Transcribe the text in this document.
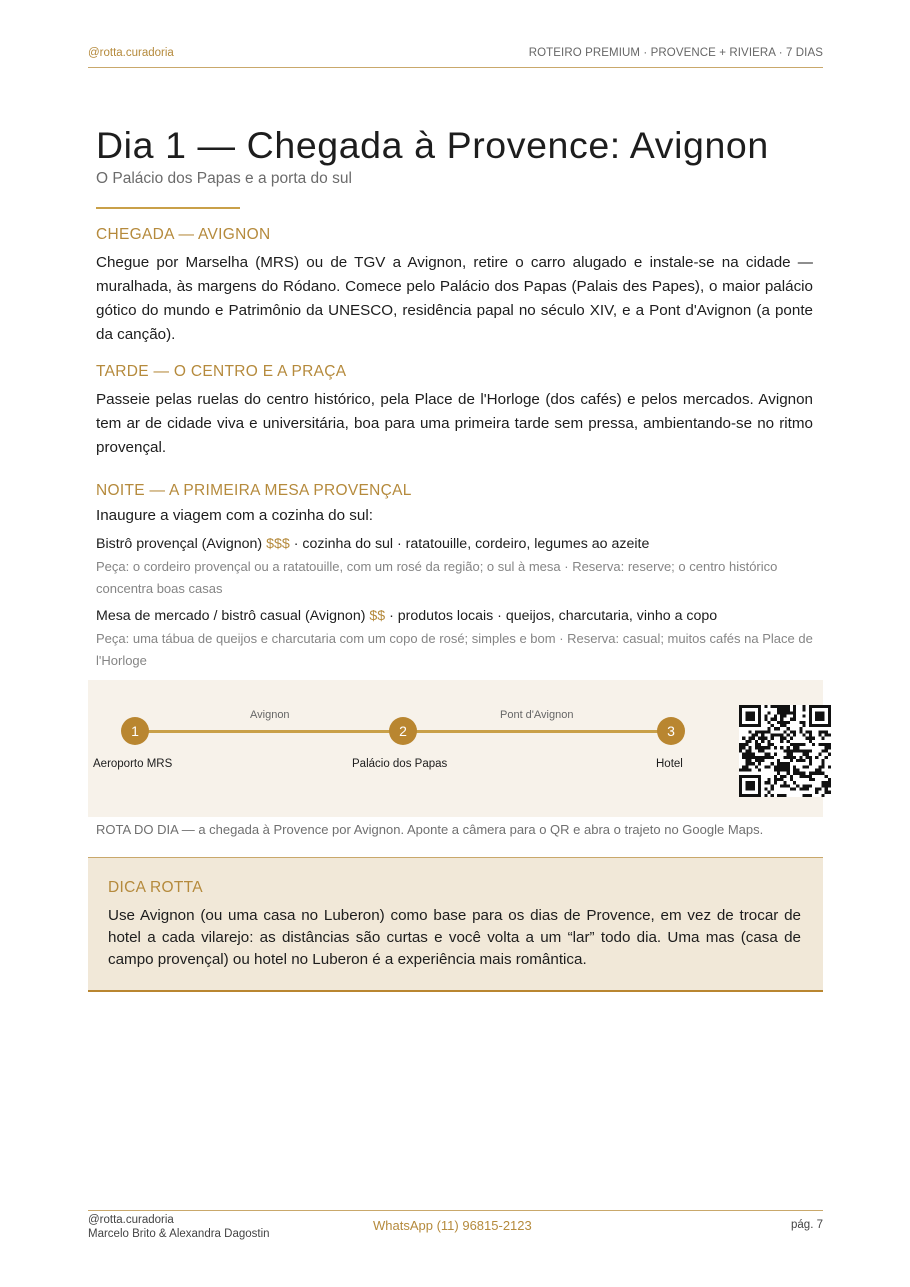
@rotta.curadoria	ROTEIRO PREMIUM · PROVENCE + RIVIERA · 7 DIAS
Dia 1 — Chegada à Provence: Avignon
O Palácio dos Papas e a porta do sul
CHEGADA — AVIGNON

Chegue por Marselha (MRS) ou de TGV a Avignon, retire o carro alugado e instale-se na cidade — muralhada, às margens do Ródano. Comece pelo Palácio dos Papas (Palais des Papes), o maior palácio gótico do mundo e Patrimônio da UNESCO, residência papal no século XIV, e a Pont d'Avignon (a ponte da canção).

TARDE — O CENTRO E A PRAÇA

Passeie pelas ruelas do centro histórico, pela Place de l'Horloge (dos cafés) e pelos mercados. Avignon tem ar de cidade viva e universitária, boa para uma primeira tarde sem pressa, ambientando-se no ritmo provençal.

NOITE — A PRIMEIRA MESA PROVENÇAL

Inaugure a viagem com a cozinha do sul:

Bistrô provençal (Avignon) $$$ · cozinha do sul · ratatouille, cordeiro, legumes ao azeite

Peça: o cordeiro provençal ou a ratatouille, com um rosé da região; o sul à mesa · Reserva: reserve; o centro histórico concentra boas casas

Mesa de mercado / bistrô casual (Avignon) $$ · produtos locais · queijos, charcutaria, vinho a copo

Peça: uma tábua de queijos e charcutaria com um copo de rosé; simples e bom · Reserva: casual; muitos cafés na Place de l'Horloge

Avignon	Pont d'Avignon
1	2	3
Aeroporto MRS	Palácio dos Papas	Hotel
ROTA DO DIA — a chegada à Provence por Avignon. Aponte a câmera para o QR e abra o trajeto no Google Maps.
DICA ROTTA
Use Avignon (ou uma casa no Luberon) como base para os dias de Provence, em vez de trocar de hotel a cada vilarejo: as distâncias são curtas e você volta a um “lar” todo dia. Uma mas (casa de campo provençal) ou hotel no Luberon é a experiência mais romântica.
@rotta.curadoria
Marcelo Brito & Alexandra Dagostin
WhatsApp (11) 96815-2123	pág. 7
